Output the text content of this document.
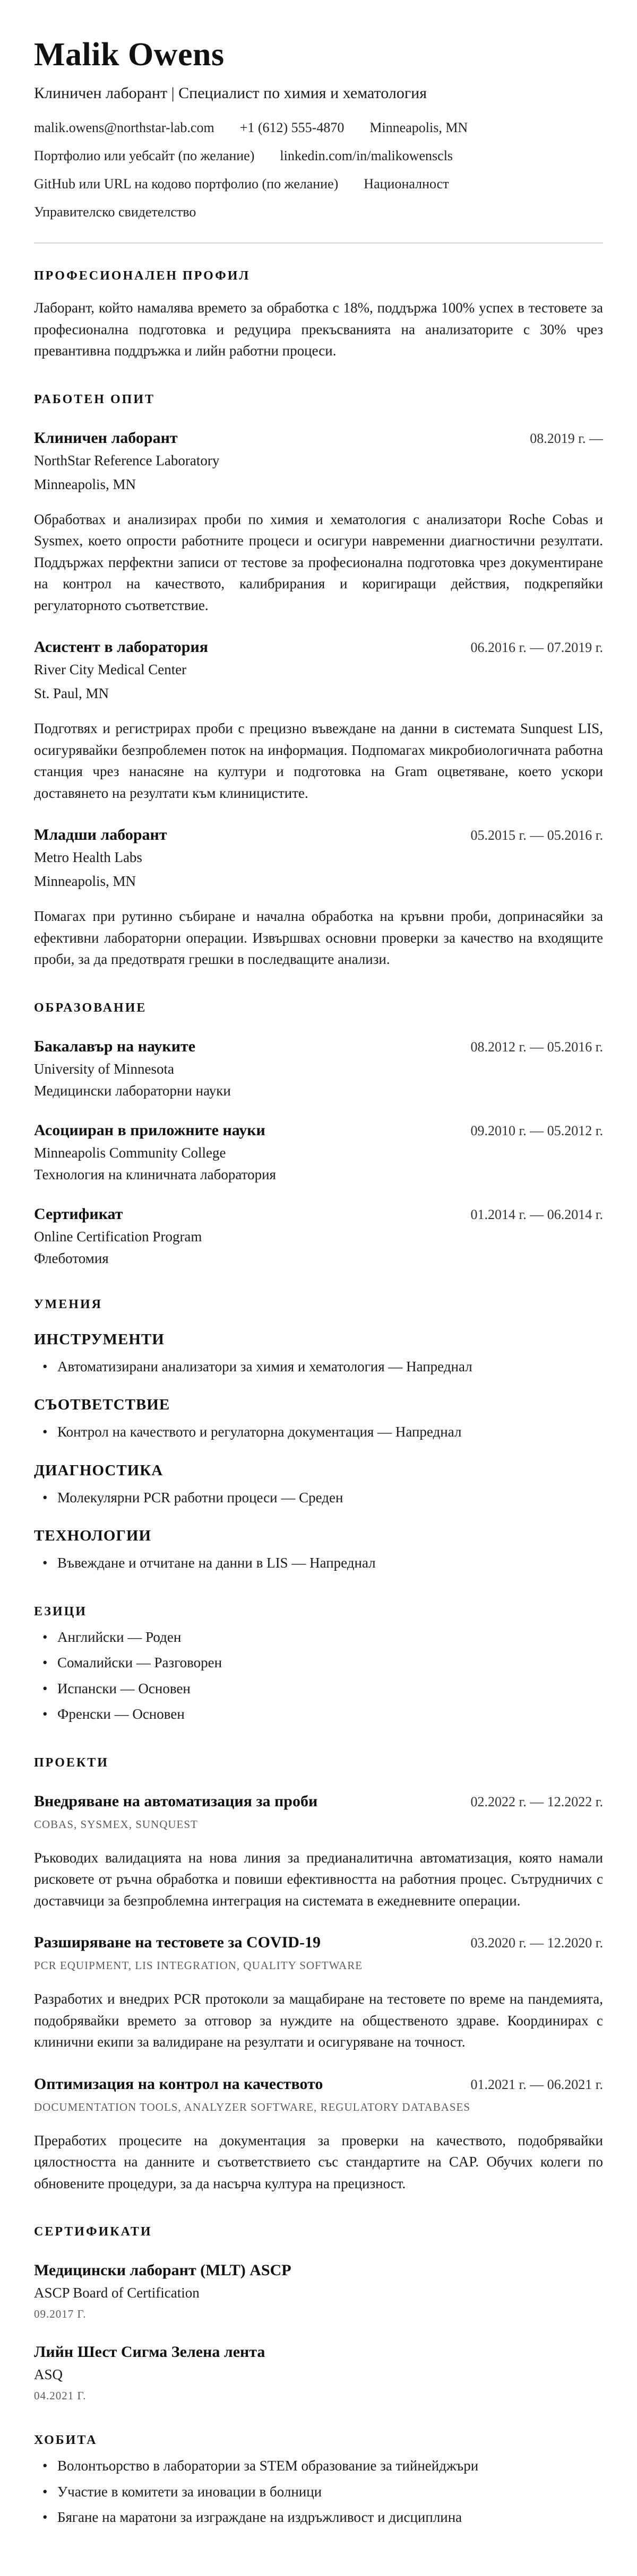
Malik Owens
Клиничен лаборант | Специалист по химия и хематология
malik.owens@northstar-lab.com +1 (612) 555-4870 Minneapolis, MN
Портфолио или уебсайт (по желание) linkedin.com/in/malikowenscls
GitHub или URL на кодово портфолио (по желание) Националност
Управителско свидетелство
ПРОФЕСИОНАЛЕН ПРОФИЛ

Лаборант, който намалява времето за обработка с 18%, поддържа 100% успех в тестовете за професионална подготовка и редуцира прекъсванията на анализаторите с 30% чрез превантивна поддръжка и лийн работни процеси.

РАБОТЕН ОПИТ
Клиничен лаборант	08.2019 г. —
NorthStar Reference Laboratory
Minneapolis, MN

Обработвах и анализирах проби по химия и хематология с анализатори Roche Cobas и Sysmex, което опрости работните процеси и осигури навременни диагностични резултати. Поддържах перфектни записи от тестове за професионална подготовка чрез документиране на контрол на качеството, калибрирания и коригиращи действия, подкрепяйки регулаторното съответствие.

Асистент в лаборатория	06.2016 г. — 07.2019 г.
River City Medical Center
St. Paul, MN

Подготвях и регистрирах проби с прецизно въвеждане на данни в системата Sunquest LIS, осигурявайки безпроблемен поток на информация. Подпомагах микробиологичната работна станция чрез нанасяне на култури и подготовка на Gram оцветяване, което ускори доставянето на резултати към клиницистите.

Младши лаборант	05.2015 г. — 05.2016 г.
Metro Health Labs
Minneapolis, MN

Помагах при рутинно събиране и начална обработка на кръвни проби, допринасяйки за ефективни лабораторни операции. Извършвах основни проверки за качество на входящите проби, за да предотвратя грешки в последващите анализи.

ОБРАЗОВАНИЕ
Бакалавър на науките	08.2012 г. — 05.2016 г.
University of Minnesota
Медицински лабораторни науки
Асоцииран в приложните науки	09.2010 г. — 05.2012 г.
Minneapolis Community College
Технология на клиничната лаборатория
Сертификат	01.2014 г. — 06.2014 г.
Online Certification Program
Флеботомия
УМЕНИЯ
ИНСТРУМЕНТИ
• Автоматизирани анализатори за химия и хематология — Напреднал
СЪОТВЕТСТВИЕ
• Контрол на качеството и регулаторна документация — Напреднал
ДИАГНОСТИКА
• Молекулярни PCR работни процеси — Среден
ТЕХНОЛОГИИ
• Въвеждане и отчитане на данни в LIS — Напреднал
ЕЗИЦИ
• Английски — Роден
• Сомалийски — Разговорен
• Испански — Основен
• Френски — Основен
ПРОЕКТИ
Внедряване на автоматизация за проби	02.2022 г. — 12.2022 г.
COBAS, SYSMEX, SUNQUEST

Ръководих валидацията на нова линия за предианалитична автоматизация, която намали рисковете от ръчна обработка и повиши ефективността на работния процес. Сътрудничих с доставчици за безпроблемна интеграция на системата в ежедневните операции.

Разширяване на тестовете за COVID-19	03.2020 г. — 12.2020 г.
PCR EQUIPMENT, LIS INTEGRATION, QUALITY SOFTWARE

Разработих и внедрих PCR протоколи за мащабиране на тестовете по време на пандемията, подобрявайки времето за отговор за нуждите на общественото здраве. Координирах с клинични екипи за валидиране на резултати и осигуряване на точност.

Оптимизация на контрол на качеството	01.2021 г. — 06.2021 г.
DOCUMENTATION TOOLS, ANALYZER SOFTWARE, REGULATORY DATABASES

Преработих процесите на документация за проверки на качеството, подобрявайки цялостността на данните и съответствието със стандартите на CAP. Обучих колеги по обновените процедури, за да насърча култура на прецизност.

СЕРТИФИКАТИ
Медицински лаборант (MLT) ASCP
ASCP Board of Certification
09.2017 Г.
Лийн Шест Сигма Зелена лента
ASQ
04.2021 Г.
ХОБИТА
• Волонтьорство в лаборатории за STEM образование за тийнейджъри
• Участие в комитети за иновации в болници
• Бягане на маратони за изграждане на издръжливост и дисциплина
